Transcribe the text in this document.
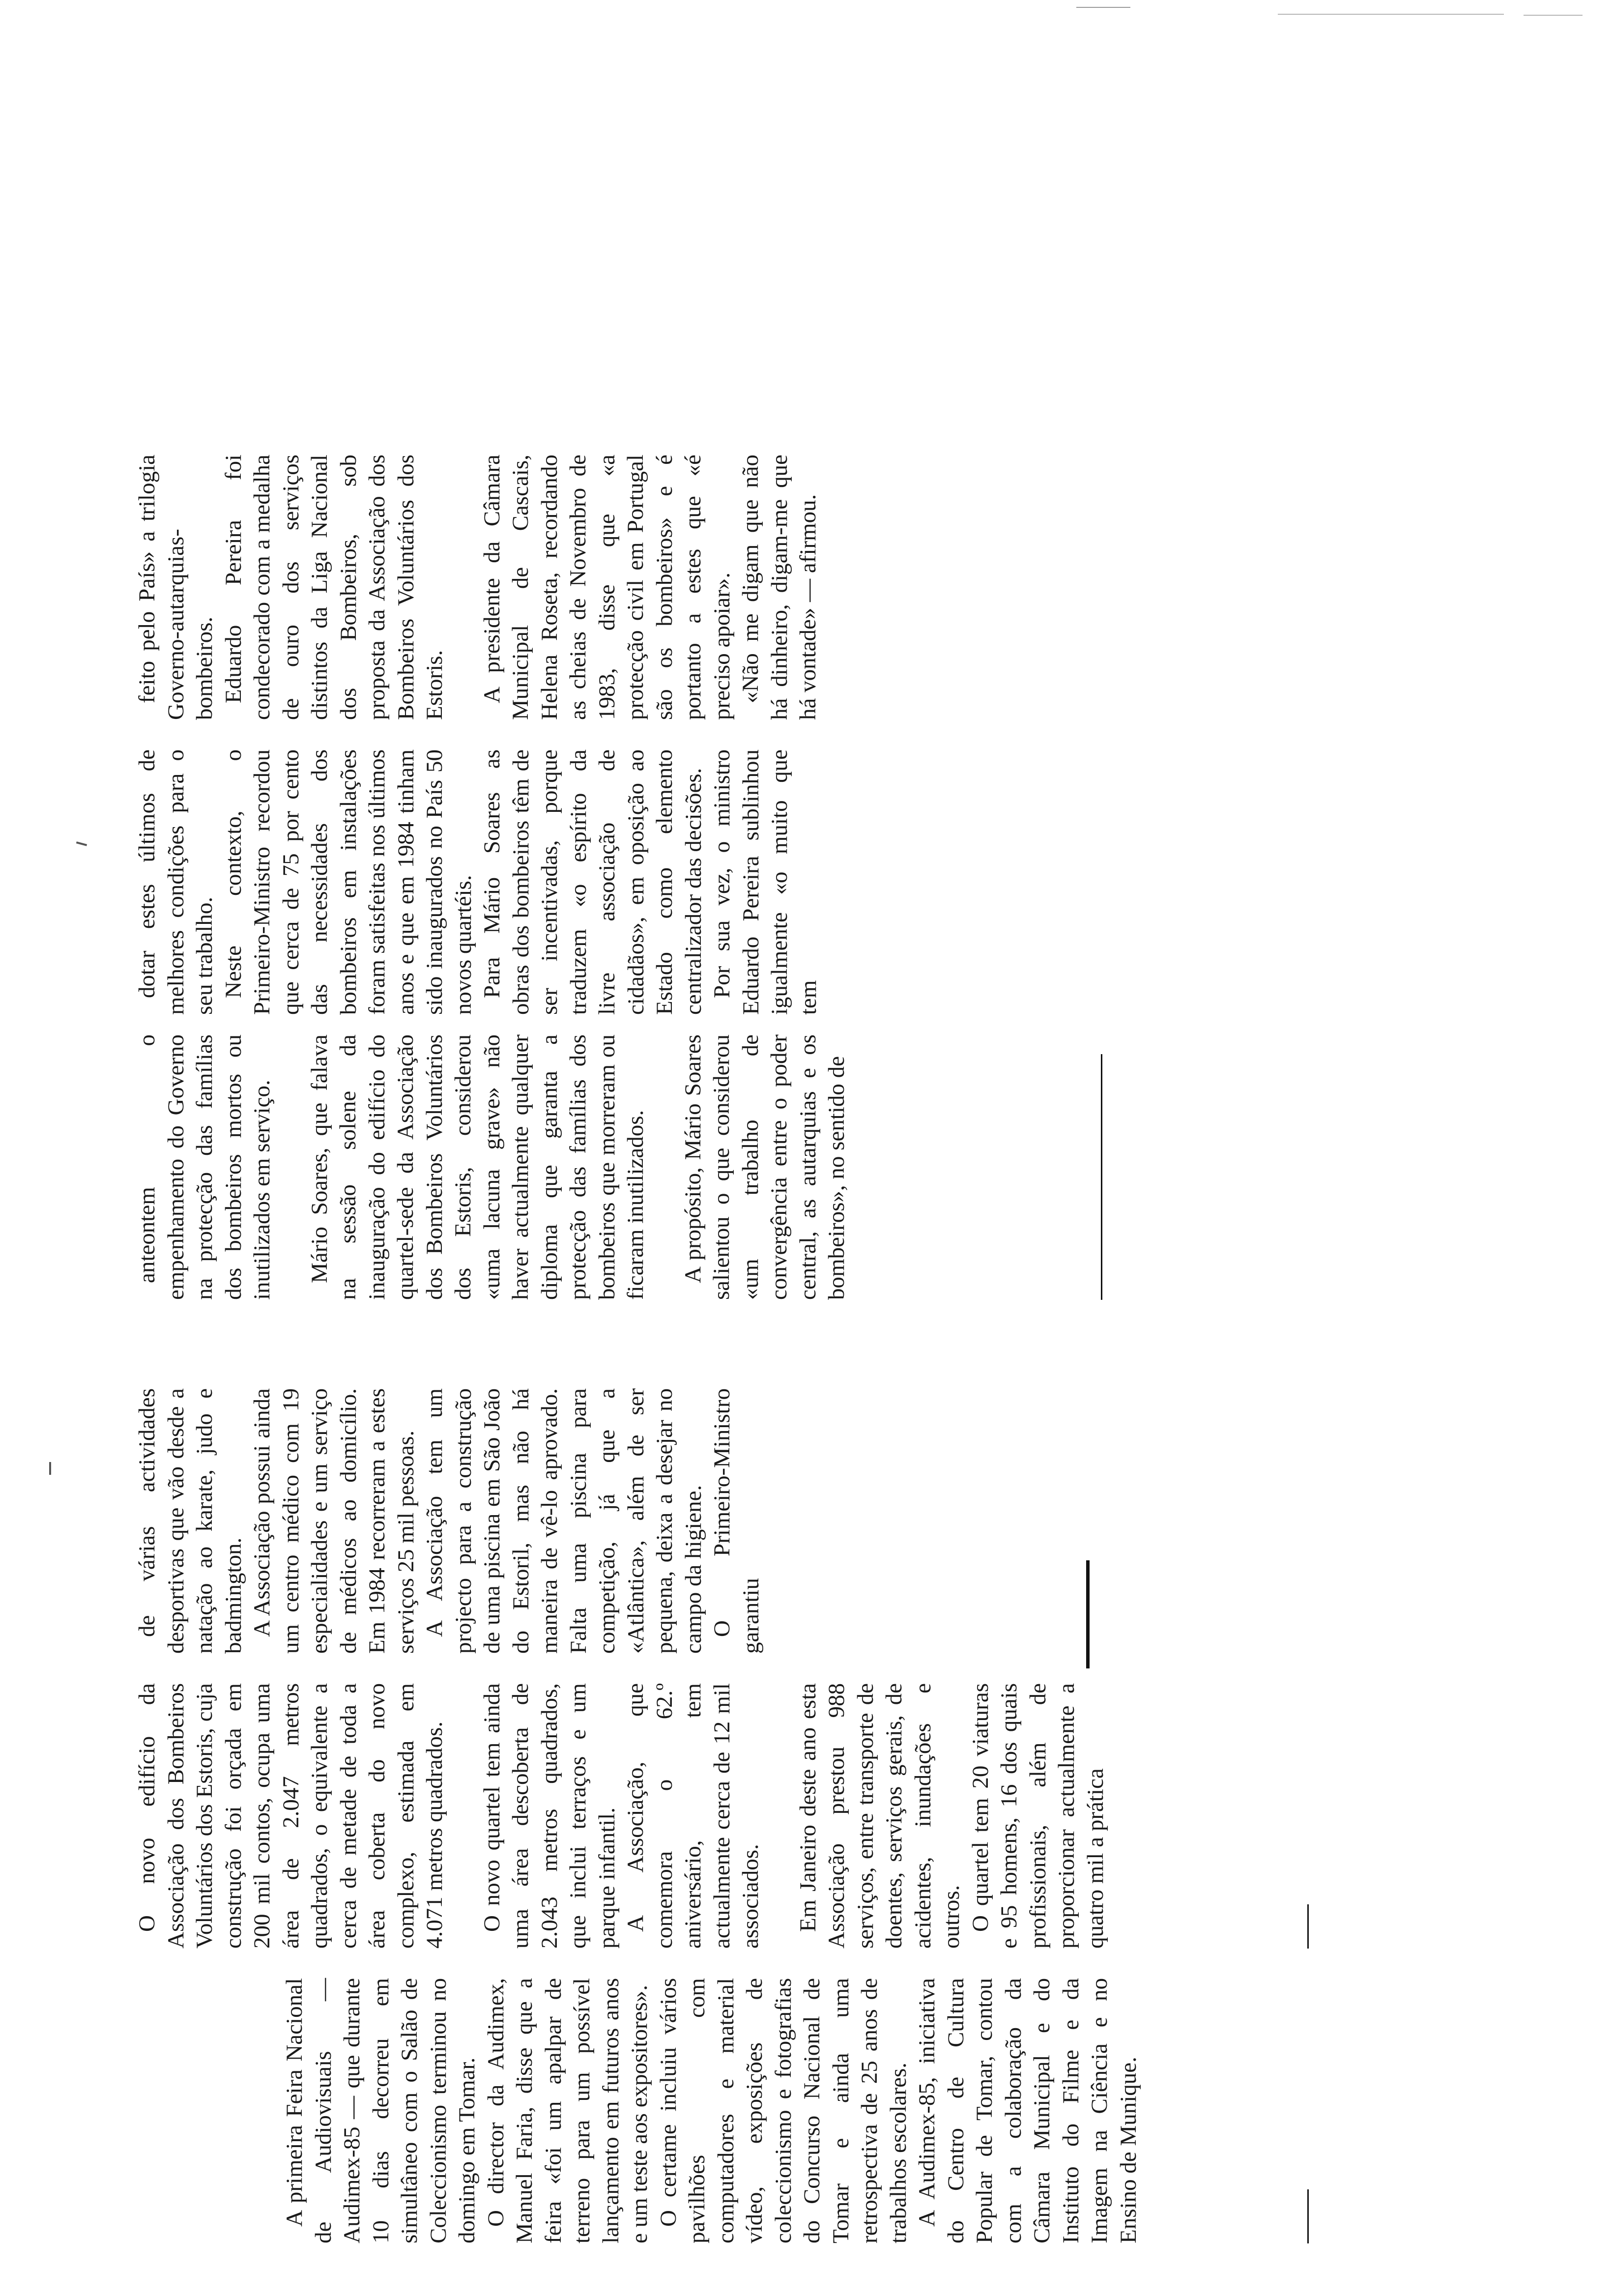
A primeira Feira Nacional de Audiovisuais — Audimex-85 — que durante 10 dias decorreu em simultâneo com o Salão de Coleccionismo terminou no domingo em Tomar. O director da Audimex, Manuel Faria, disse que a feira «foi um apalpar de terreno para um possível lançamento em futuros anos e um teste aos expositores». O certame incluiu vários pavilhões com computadores e material vídeo, exposições de coleccionismo e fotografias do Concurso Nacional de Tomar e ainda uma retrospectiva de 25 anos de trabalhos escolares. A Audimex-85, iniciativa do Centro de Cultura Popular de Tomar, contou com a colaboração da Câmara Municipal e do Instituto do Filme e da Imagem na Ciência e no Ensino de Munique.

O novo edifício da Associação dos Bombeiros Voluntários dos Estoris, cuja construção foi orçada em 200 mil contos, ocupa uma área de 2.047 metros quadrados, o equivalente a cerca de metade de toda a área coberta do novo complexo, estimada em 4.071 metros quadrados. O novo quartel tem ainda uma área descoberta de 2.043 metros quadrados, que inclui terraços e um parque infantil. A Associação, que comemora o 62.º aniversário, tem actualmente cerca de 12 mil associados. Em Janeiro deste ano esta Associação prestou 988 serviços, entre transporte de doentes, serviços gerais, de acidentes, inundações e outros. O quartel tem 20 viaturas e 95 homens, 16 dos quais profissionais, além de proporcionar actualmente a quatro mil a prática

de várias actividades desportivas que vão desde a natação ao karate, judo e badmington. A Associação possui ainda um centro médico com 19 especialidades e um serviço de médicos ao domicílio. Em 1984 recorreram a estes serviços 25 mil pessoas. A Associação tem um projecto para a construção de uma piscina em São João do Estoril, mas não há maneira de vê-lo aprovado. Falta uma piscina para competição, já que a «Atlântica», além de ser pequena, deixa a desejar no campo da higiene. O Primeiro-Ministro garantiu

anteontem o empenhamento do Governo na protecção das famílias dos bombeiros mortos ou inutilizados em serviço. Mário Soares, que falava na sessão solene da inauguração do edifício do quartel-sede da Associação dos Bombeiros Voluntários dos Estoris, considerou «uma lacuna grave» não haver actualmente qualquer diploma que garanta a protecção das famílias dos bombeiros que morreram ou ficaram inutilizados. A propósito, Mário Soares salientou o que considerou «um trabalho de convergência entre o poder central, as autarquias e os bombeiros», no sentido de

dotar estes últimos de melhores condições para o seu trabalho. Neste contexto, o Primeiro-Ministro recordou que cerca de 75 por cento das necessidades dos bombeiros em instalações foram satisfeitas nos últimos anos e que em 1984 tinham sido inaugurados no País 50 novos quartéis. Para Mário Soares as obras dos bombeiros têm de ser incentivadas, porque traduzem «o espírito da livre associação de cidadãos», em oposição ao Estado como elemento centralizador das decisões. Por sua vez, o ministro Eduardo Pereira sublinhou igualmente «o muito que tem

feito pelo País» a trilogia Governo-autarquias-bombeiros. Eduardo Pereira foi condecorado com a medalha de ouro dos serviços distintos da Liga Nacional dos Bombeiros, sob proposta da Associação dos Bombeiros Voluntários dos Estoris. A presidente da Câmara Municipal de Cascais, Helena Roseta, recordando as cheias de Novembro de 1983, disse que «a protecção civil em Portugal são os bombeiros» e é portanto a estes que «é preciso apoiar». «Não me digam que não há dinheiro, digam-me que há vontade» — afirmou.
